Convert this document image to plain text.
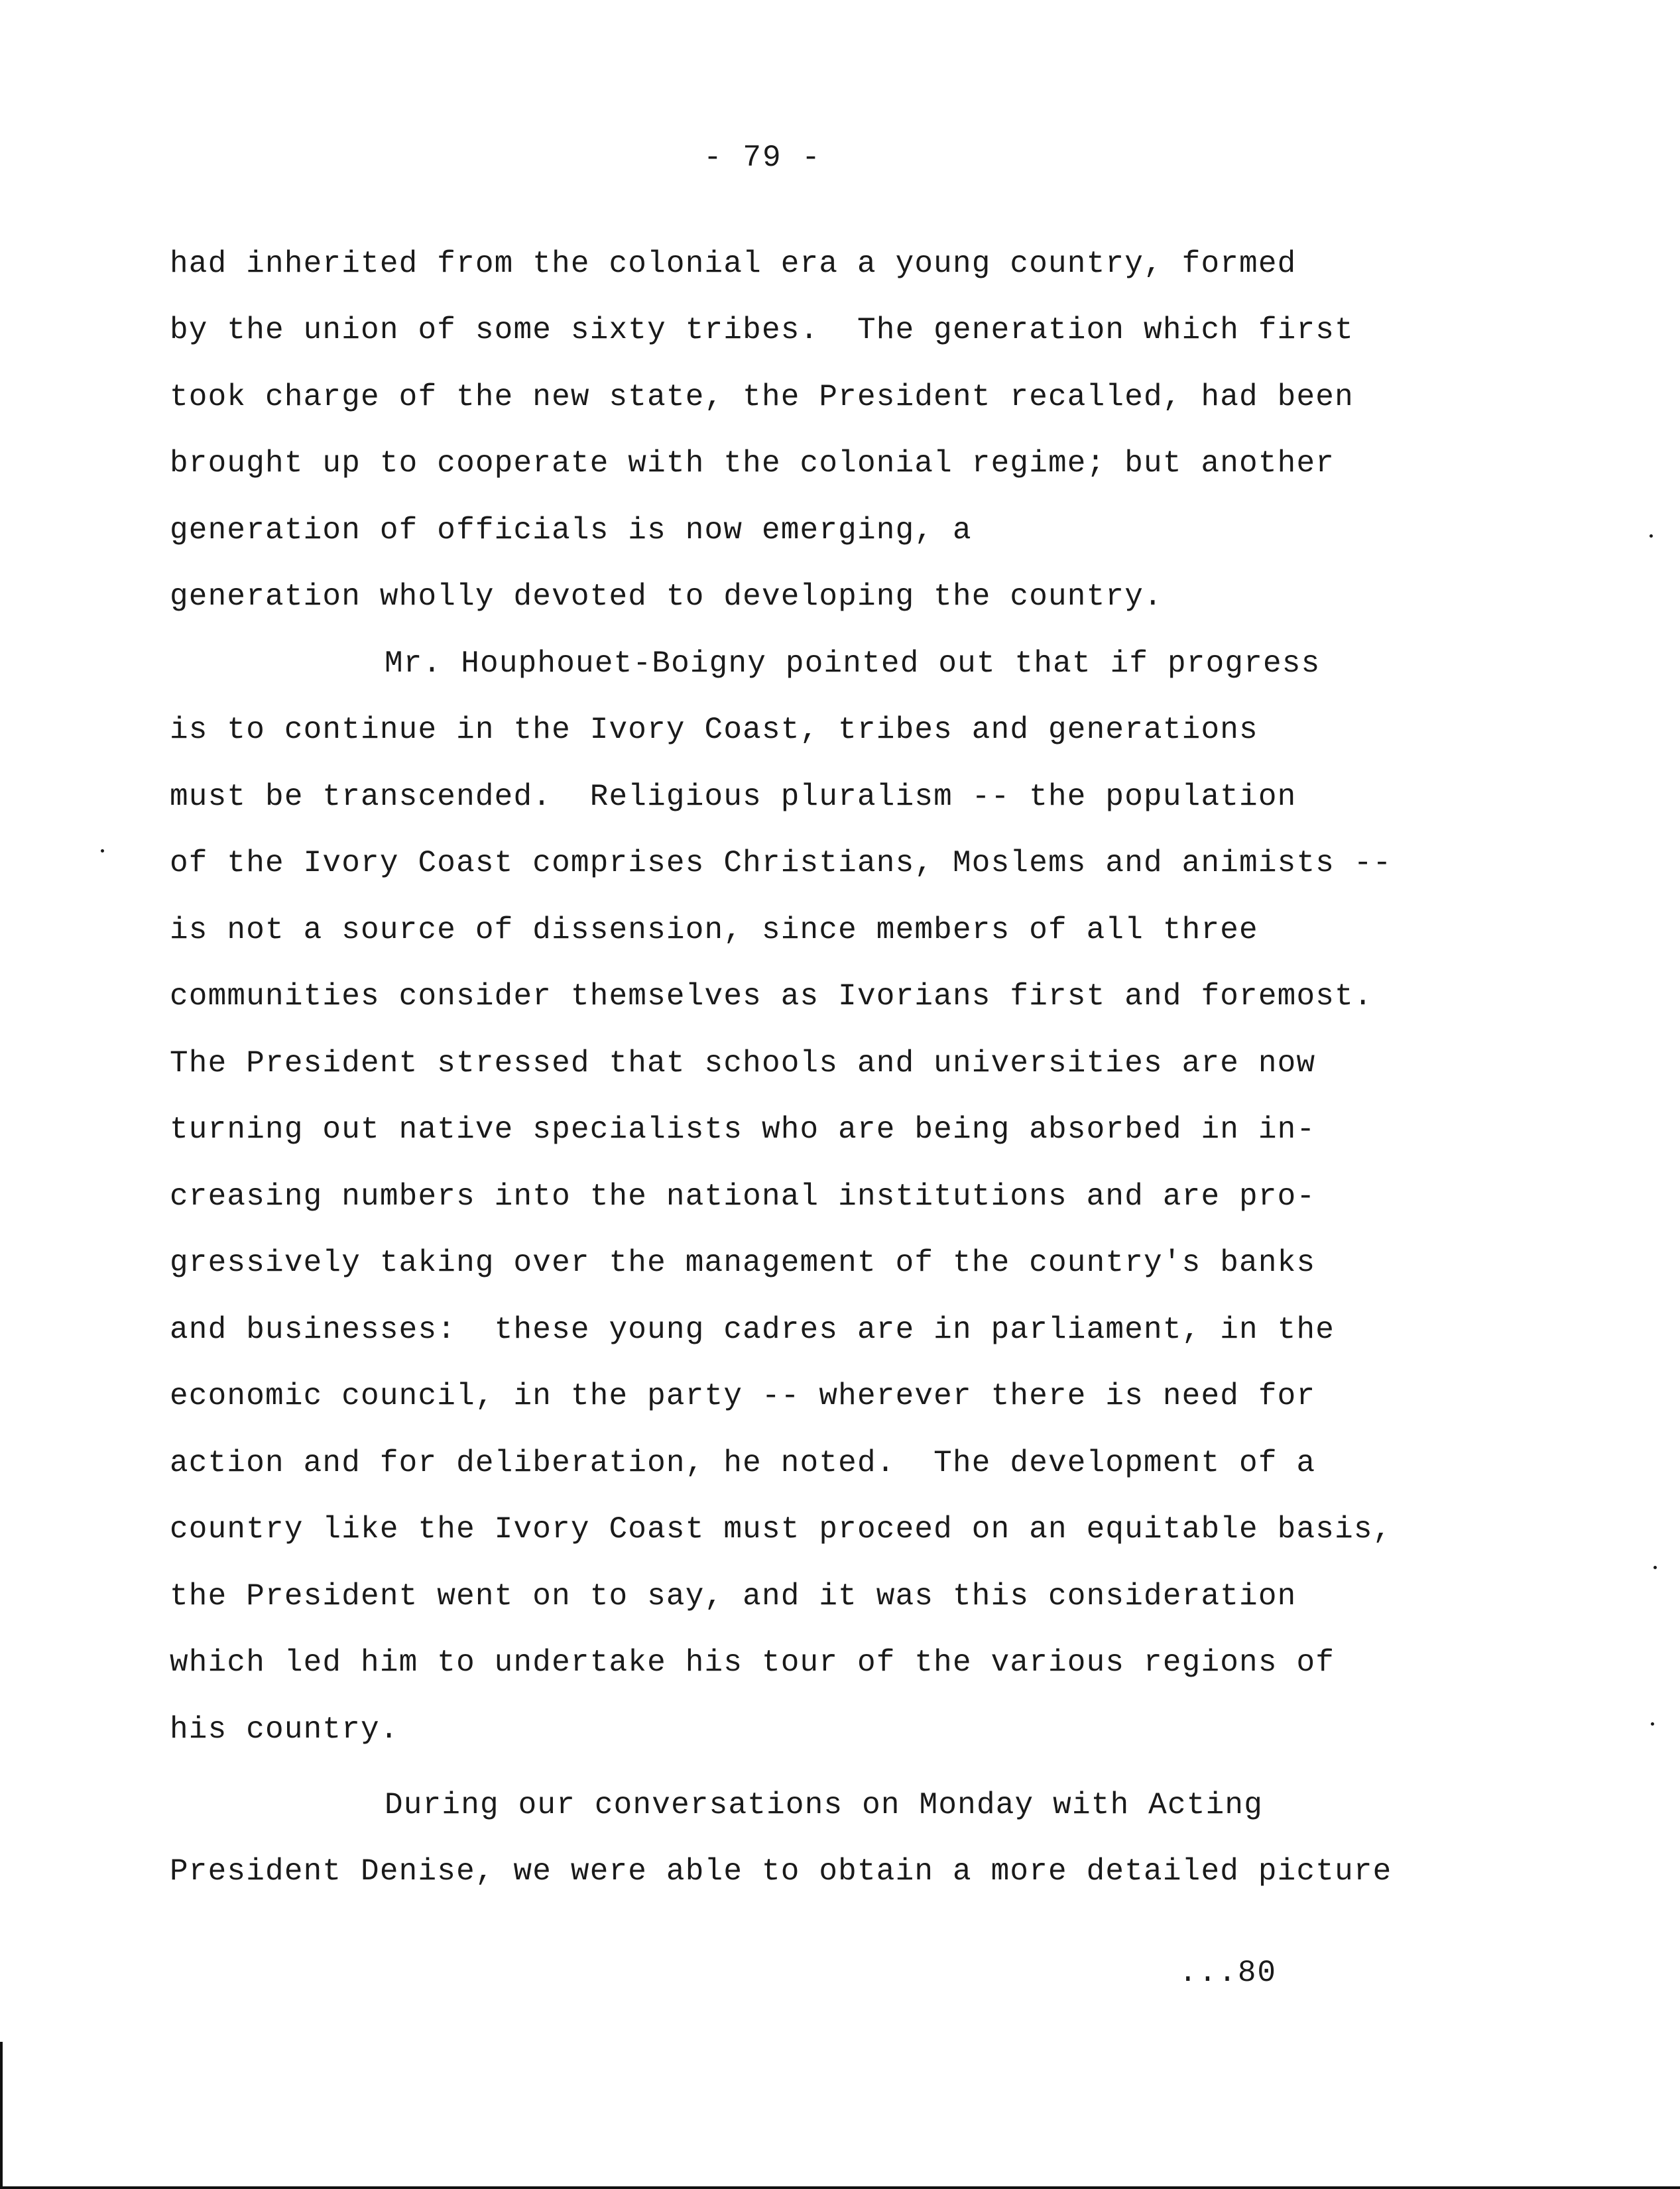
- 79 -
had inherited from the colonial era a young country, formed
by the union of some sixty tribes.  The generation which first
took charge of the new state, the President recalled, had been
brought up to cooperate with the colonial regime; but another
generation of officials is now emerging, a
generation wholly devoted to developing the country.
Mr. Houphouet-Boigny pointed out that if progress
is to continue in the Ivory Coast, tribes and generations
must be transcended.  Religious pluralism -- the population
of the Ivory Coast comprises Christians, Moslems and animists --
is not a source of dissension, since members of all three
communities consider themselves as Ivorians first and foremost.
The President stressed that schools and universities are now
turning out native specialists who are being absorbed in in-
creasing numbers into the national institutions and are pro-
gressively taking over the management of the country's banks
and businesses:  these young cadres are in parliament, in the
economic council, in the party -- wherever there is need for
action and for deliberation, he noted.  The development of a
country like the Ivory Coast must proceed on an equitable basis,
the President went on to say, and it was this consideration
which led him to undertake his tour of the various regions of
his country.
During our conversations on Monday with Acting
President Denise, we were able to obtain a more detailed picture
...80
